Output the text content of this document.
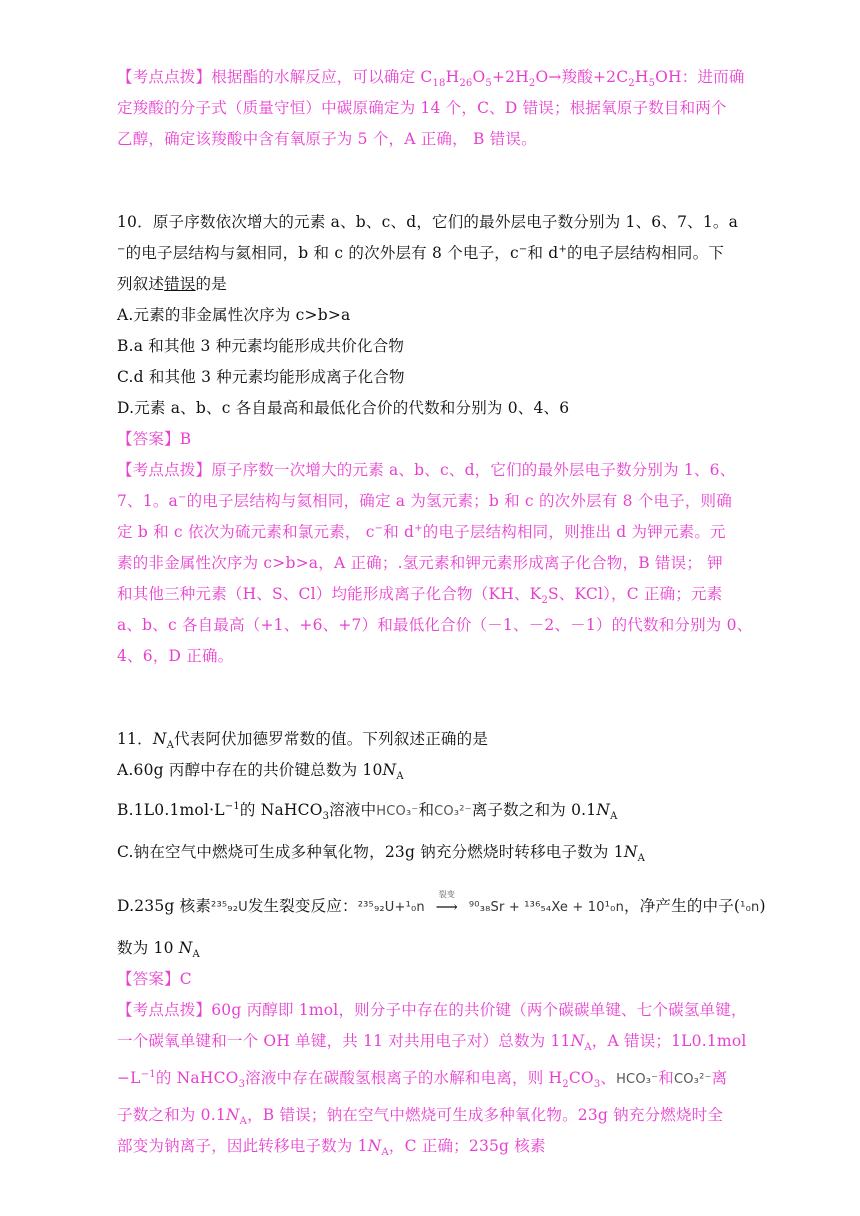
【考点点拨】根据酯的水解反应，可以确定 $C_{18}H_{26}O_5+2H_2O\to$羧酸$+2C_2H_5OH$：进而确
定羧酸的分子式（质量守恒）中碳原确定为 14 个，C、D 错误；根据氧原子数目和两个
乙醇，确定该羧酸中含有氧原子为 5 个，A 正确， B 错误。
10．原子序数依次增大的元素 a、b、c、d，它们的最外层电子数分别为 1、6、7、1。a
−的电子层结构与氦相同，b 和 c 的次外层有 8 个电子，c−和 d+的电子层结构相同。下
列叙述错误的是
A.元素的非金属性次序为 c>b>a
B.a 和其他 3 种元素均能形成共价化合物
C.d 和其他 3 种元素均能形成离子化合物
D.元素 a、b、c 各自最高和最低化合价的代数和分别为 0、4、6
【答案】B
【考点点拨】原子序数一次增大的元素 a、b、c、d，它们的最外层电子数分别为 1、6、
7、1。a−的电子层结构与氦相同，确定 a 为氢元素；b 和 c 的次外层有 8 个电子，则确
定 b 和 c 依次为硫元素和氯元素， c−和 d+的电子层结构相同，则推出 d 为钾元素。元
素的非金属性次序为 c>b>a，A 正确；.氢元素和钾元素形成离子化合物，B 错误； 钾
和其他三种元素（H、S、Cl）均能形成离子化合物（KH、$K_2S$、KCl），C 正确；元素
a、b、c 各自最高（+1、+6、+7）和最低化合价（－1、－2、－1）的代数和分别为 0、
4、6，D 正确。
11．$N_A$代表阿伏加德罗常数的值。下列叙述正确的是
A.60g 丙醇中存在的共价键总数为 $10N_A$
$B.1L0.1mol\cdot L^{-1}$的 NaHCO$_3$溶液中HCO₃⁻和CO₃²⁻离子数之和为 $0.1N_A$
C.钠在空气中燃烧可生成多种氧化物，23g 钠充分燃烧时转移电子数为 $1N_A$
D.235g 核素²³⁵₉₂U发生裂变反应：²³⁵₉₂U+¹₀n
裂变
⟶ ⁹⁰₃₈Sr + ¹³⁶₅₄Xe + 10¹₀n，净产生的中子(¹₀n)
数为 10 $N_A$
【答案】C
【考点点拨】60g 丙醇即 1mol，则分子中存在的共价键（两个碳碳单键、七个碳氢单键，
一个碳氧单键和一个 OH 单键，共 11 对共用电子对）总数为 $11N_A$，A 错误；1L0.1mol
$-L^{-1}$的 NaHCO$_3$溶液中存在碳酸氢根离子的水解和电离，则 $H_2CO_3$、HCO₃⁻和CO₃²⁻离
子数之和为 $0.1N_A$，B 错误；钠在空气中燃烧可生成多种氧化物。23g 钠充分燃烧时全
部变为钠离子，因此转移电子数为 $1N_A$，C 正确；235g 核素
